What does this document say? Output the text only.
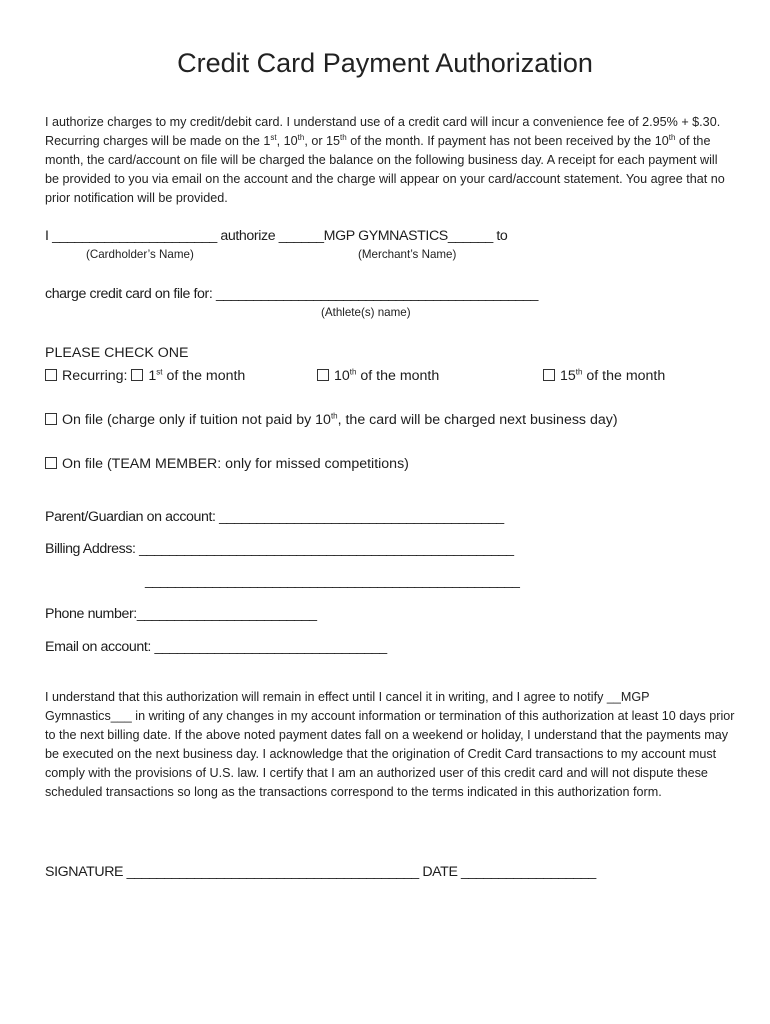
Credit Card Payment Authorization
I authorize charges to my credit/debit card. I understand use of a credit card will incur a convenience fee of 2.95% + $.30. Recurring charges will be made on the 1st, 10th, or 15th of the month. If payment has not been received by the 10th of the month, the card/account on file will be charged the balance on the following business day. A receipt for each payment will be provided to you via email on the account and the charge will appear on your card/account statement. You agree that no prior notification will be provided.
I ______________________ authorize ______MGP GYMNASTICS______ to
(Cardholder’s Name)	(Merchant’s Name)
charge credit card on file for: ___________________________________________
(Athlete(s) name)
PLEASE CHECK ONE
Recurring: 1st of the month	10th of the month	15th of the month
On file (charge only if tuition not paid by 10th, the card will be charged next business day)
On file (TEAM MEMBER: only for missed competitions)
Parent/Guardian on account: ______________________________________
Billing Address: __________________________________________________
__________________________________________________
Phone number:________________________
Email on account: _______________________________
I understand that this authorization will remain in effect until I cancel it in writing, and I agree to notify __MGP Gymnastics___ in writing of any changes in my account information or termination of this authorization at least 10 days prior to the next billing date. If the above noted payment dates fall on a weekend or holiday, I understand that the payments may be executed on the next business day. I acknowledge that the origination of Credit Card transactions to my account must comply with the provisions of U.S. law. I certify that I am an authorized user of this credit card and will not dispute these scheduled transactions so long as the transactions correspond to the terms indicated in this authorization form.
SIGNATURE _______________________________________ DATE __________________
